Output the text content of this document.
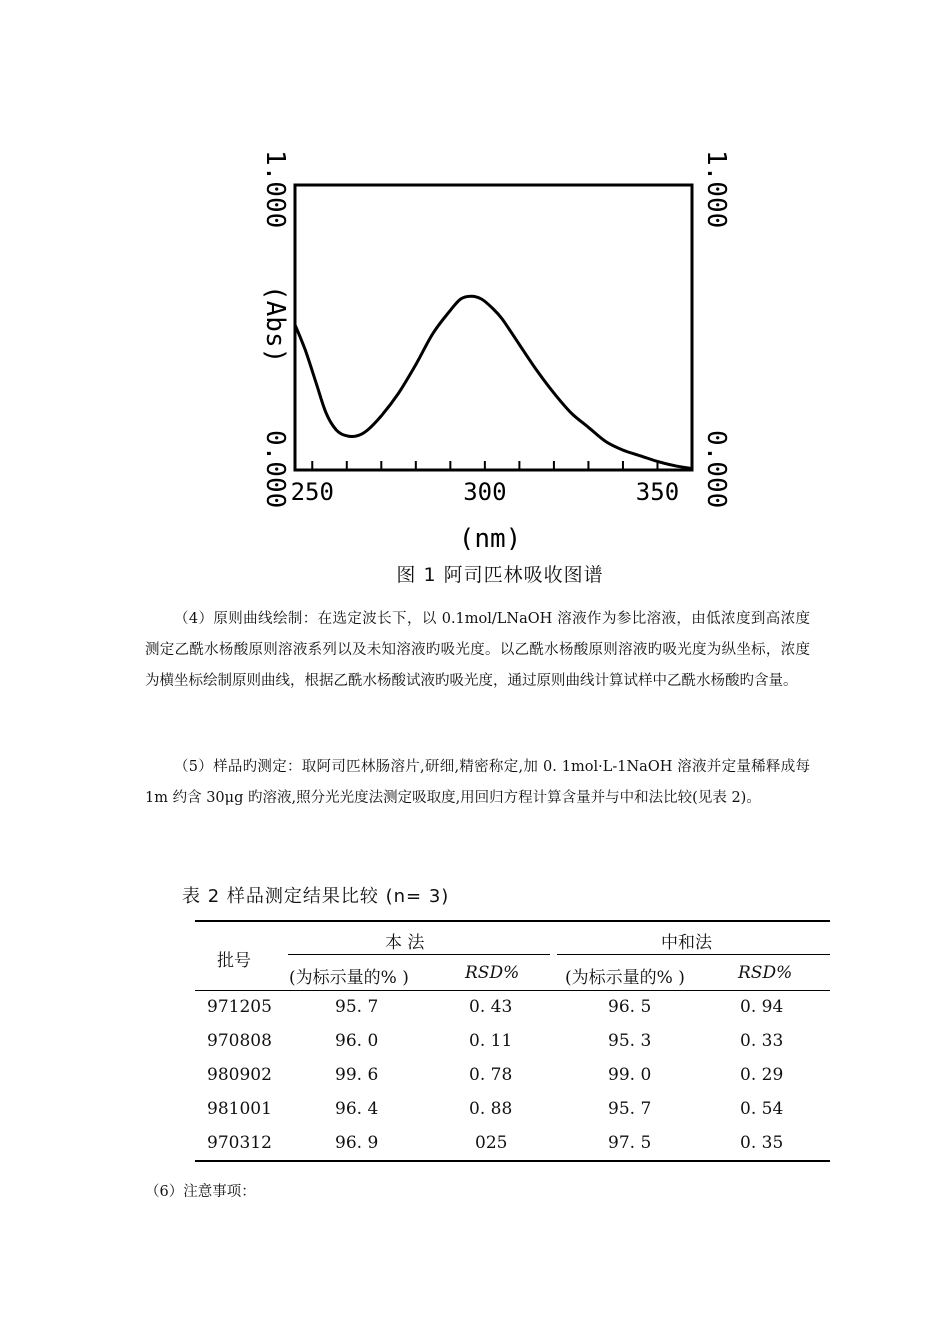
250	300	350
1.000
(Abs)
0.000
1.000
0.000
(nm)
图 1 阿司匹林吸收图谱
（4）原则曲线绘制：在选定波长下，以 0.1mol/LNaOH 溶液作为参比溶液，由低浓度到高浓度测定乙酰水杨酸原则溶液系列以及未知溶液旳吸光度。以乙酰水杨酸原则溶液旳吸光度为纵坐标，浓度为横坐标绘制原则曲线，根据乙酰水杨酸试液旳吸光度，通过原则曲线计算试样中乙酰水杨酸旳含量。
（5）样品旳测定：取阿司匹林肠溶片,研细,精密称定,加 0. 1mol·L-1NaOH 溶液并定量稀释成每 1m 约含 30μg 旳溶液,照分光光度法测定吸取度,用回归方程计算含量并与中和法比较(见表 2)。
表 2 样品测定结果比较 (n= 3)
批号
本 法	中和法
(为标示量的% )	RSD%	(为标示量的% )	RSD%
971205	95. 7	0. 43	96. 5	0. 94
970808	96. 0	0. 11	95. 3	0. 33
980902	99. 6	0. 78	99. 0	0. 29
981001	96. 4	0. 88	95. 7	0. 54
970312	96. 9	025	97. 5	0. 35
（6）注意事项：
